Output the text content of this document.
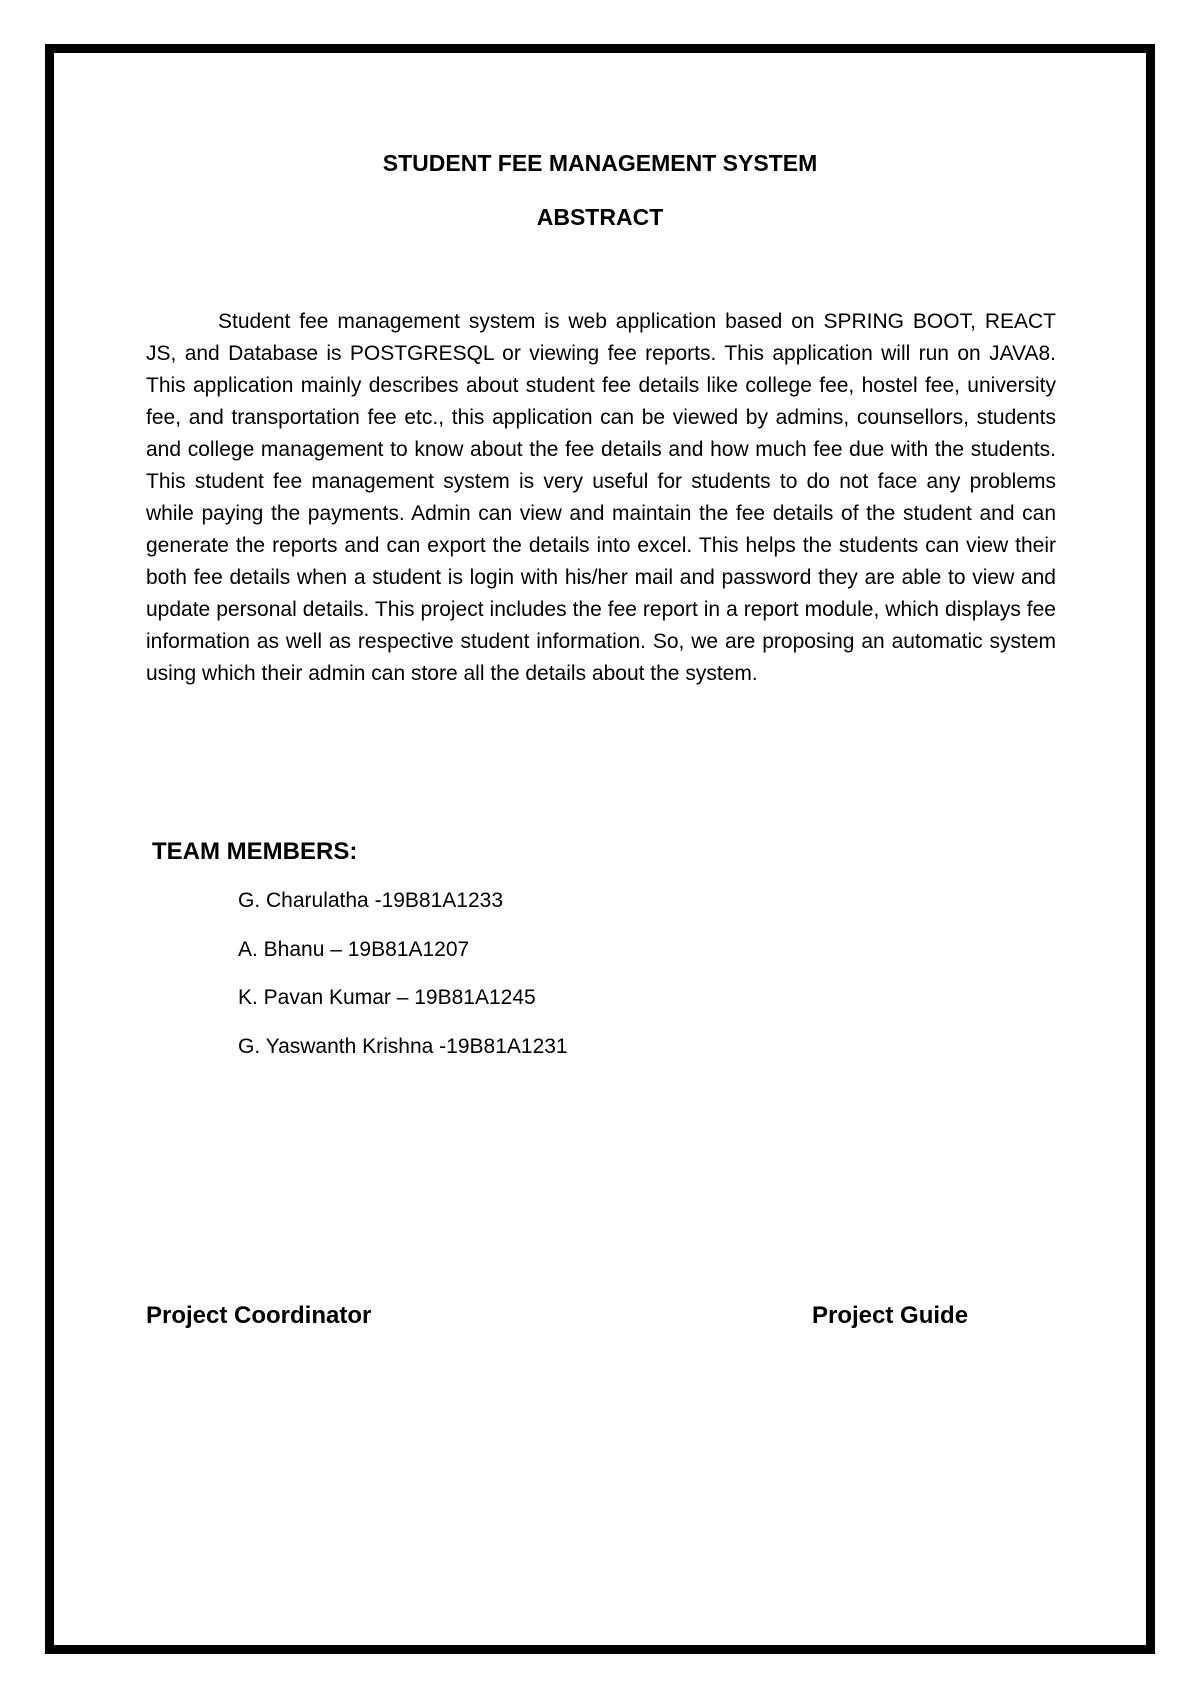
STUDENT FEE MANAGEMENT SYSTEM
ABSTRACT

Student fee management system is web application based on SPRING BOOT, REACT JS, and Database is POSTGRESQL or viewing fee reports. This application will run on JAVA8. This application mainly describes about student fee details like college fee, hostel fee, university fee, and transportation fee etc., this application can be viewed by admins, counsellors, students and college management to know about the fee details and how much fee due with the students. This student fee management system is very useful for students to do not face any problems while paying the payments. Admin can view and maintain the fee details of the student and can generate the reports and can export the details into excel. This helps the students can view their both fee details when a student is login with his/her mail and password they are able to view and update personal details. This project includes the fee report in a report module, which displays fee information as well as respective student information. So, we are proposing an automatic system using which their admin can store all the details about the system.

TEAM MEMBERS:
G. Charulatha -19B81A1233
A. Bhanu – 19B81A1207
K. Pavan Kumar – 19B81A1245
G. Yaswanth Krishna -19B81A1231
Project Coordinator	Project Guide
